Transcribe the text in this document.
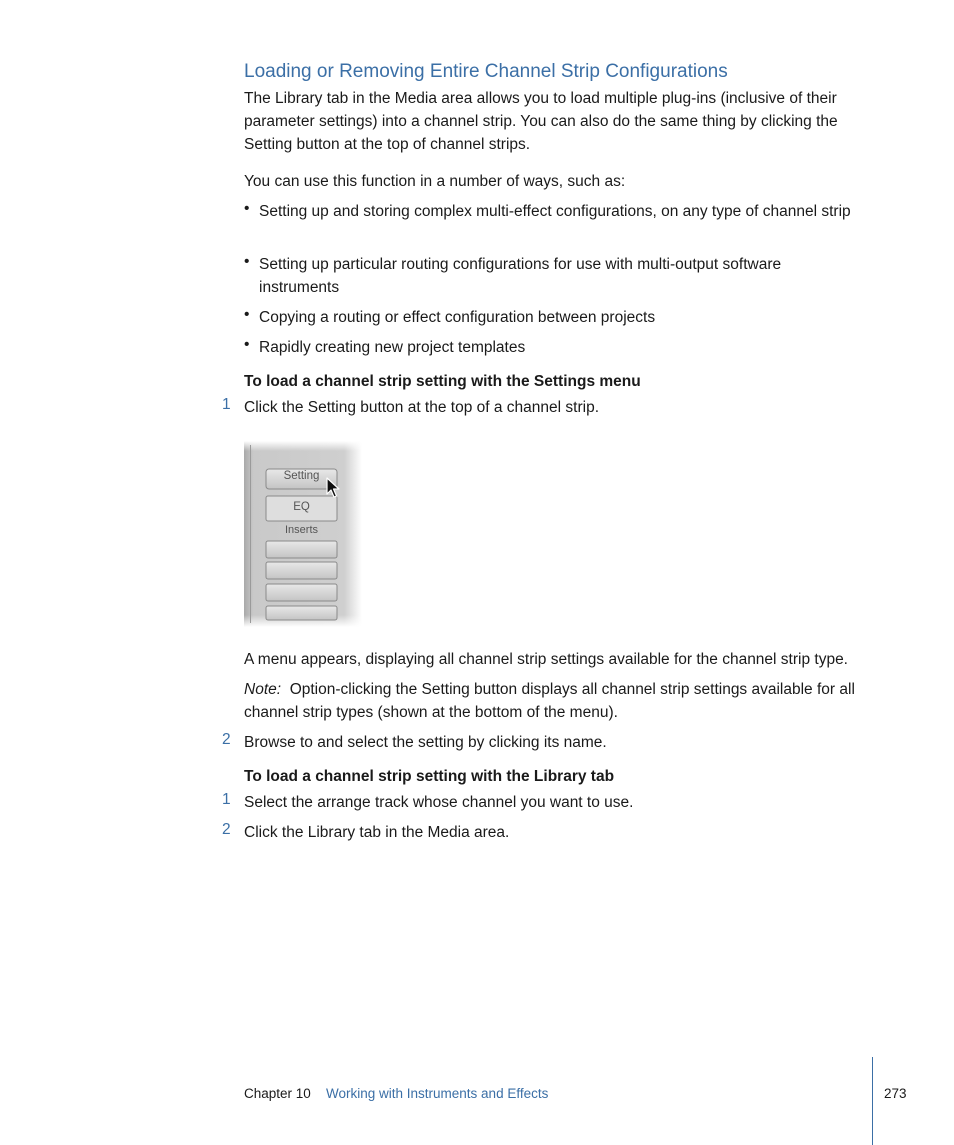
Loading or Removing Entire Channel Strip Configurations
The Library tab in the Media area allows you to load multiple plug-ins (inclusive of their parameter settings) into a channel strip. You can also do the same thing by clicking the Setting button at the top of channel strips.
You can use this function in a number of ways, such as:
• Setting up and storing complex multi-effect configurations, on any type of channel strip
• Setting up particular routing configurations for use with multi-output software instruments
• Copying a routing or effect configuration between projects
• Rapidly creating new project templates
To load a channel strip setting with the Settings menu
1 Click the Setting button at the top of a channel strip.
Setting
EQ
Inserts
A menu appears, displaying all channel strip settings available for the channel strip type.
Note: Option-clicking the Setting button displays all channel strip settings available for all channel strip types (shown at the bottom of the menu).
2 Browse to and select the setting by clicking its name.
To load a channel strip setting with the Library tab
1 Select the arrange track whose channel you want to use.
2 Click the Library tab in the Media area.
Chapter 10 Working with Instruments and Effects	273
